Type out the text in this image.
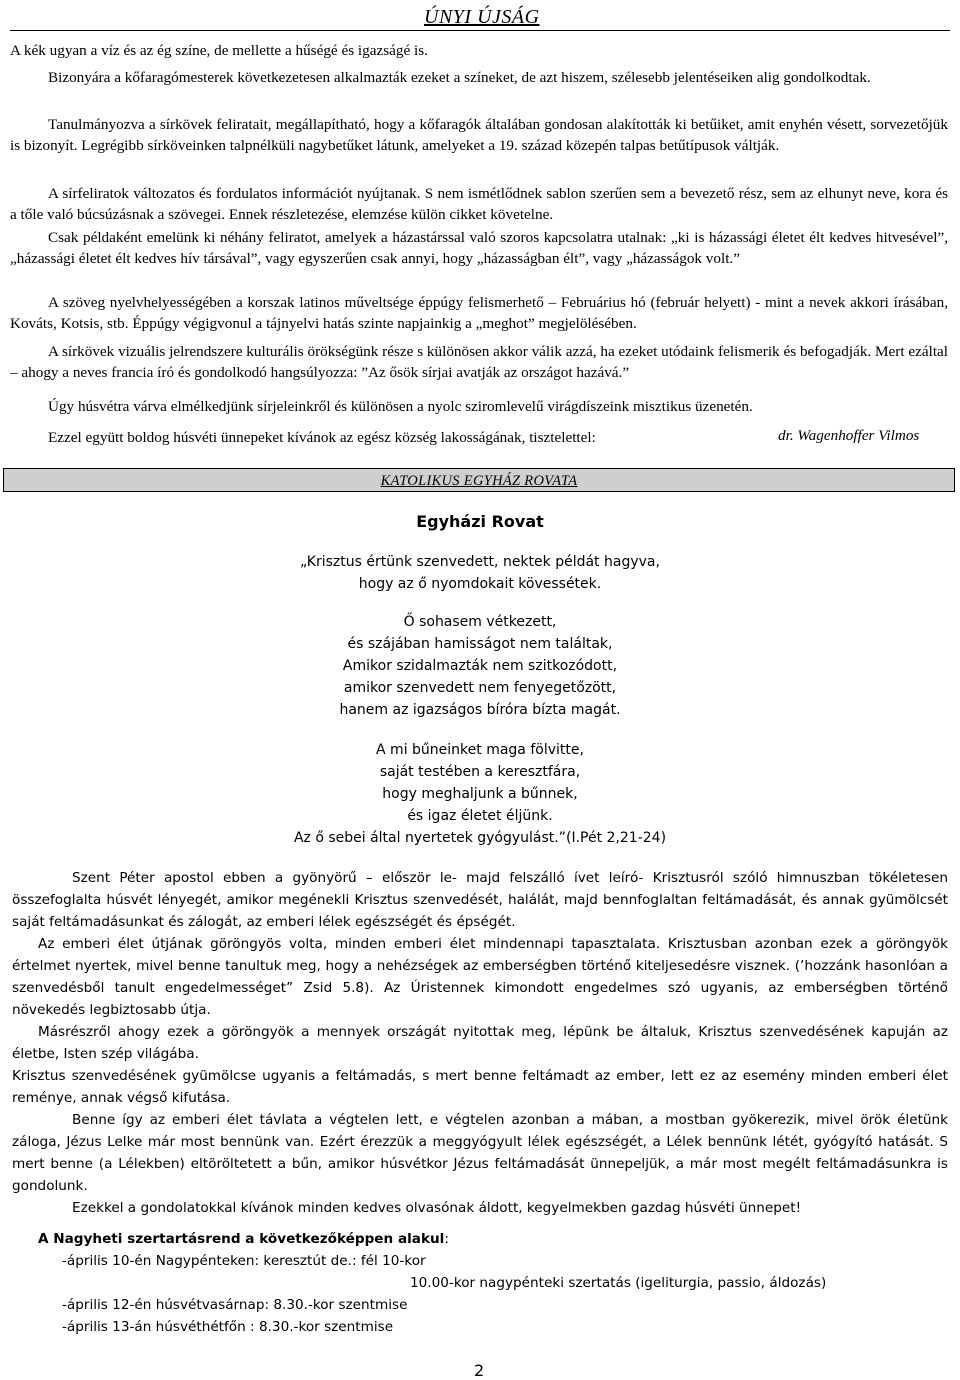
ÚNYI ÚJSÁG

A kék ugyan a víz és az ég színe, de mellette a hűségé és igazságé is.

Bizonyára a kőfaragómesterek következetesen alkalmazták ezeket a színeket, de azt hiszem, szélesebb jelentéseiken alig gondolkodtak.

Tanulmányozva a sírkövek feliratait, megállapítható, hogy a kőfaragók általában gondosan alakították ki betűiket, amit enyhén vésett, sorvezetőjük is bizonyít. Legrégibb sírköveinken talpnélküli nagybetűket látunk, amelyeket a 19. század közepén talpas betűtípusok váltják.

A sírfeliratok változatos és fordulatos információt nyújtanak. S nem ismétlődnek sablon szerűen sem a bevezető rész, sem az elhunyt neve, kora és a tőle való búcsúzásnak a szövegei. Ennek részletezése, elemzése külön cikket követelne.

Csak példaként emelünk ki néhány feliratot, amelyek a házastárssal való szoros kapcsolatra utalnak: „ki is házassági életet élt kedves hitvesével”, „házassági életet élt kedves hív társával”, vagy egyszerűen csak annyi, hogy „házasságban élt”, vagy „házasságok volt.”

A szöveg nyelvhelyességében a korszak latinos műveltsége éppúgy felismerhető – Februárius hó (február helyett) - mint a nevek akkori írásában, Kováts, Kotsis, stb. Éppúgy végigvonul a tájnyelvi hatás szinte napjainkig a „meghot” megjelölésében.

A sírkövek vizuális jelrendszere kulturális örökségünk része s különösen akkor válik azzá, ha ezeket utódaink felismerik és befogadják. Mert ezáltal – ahogy a neves francia író és gondolkodó hangsúlyozza: ”Az ősök sírjai avatják az országot hazává.”

Úgy húsvétra várva elmélkedjünk sírjeleinkről és különösen a nyolc sziromlevelű virágdíszeink misztikus üzenetén.

Ezzel együtt boldog húsvéti ünnepeket kívánok az egész község lakosságának, tisztelettel:	dr. Wagenhoffer Vilmos
KATOLIKUS EGYHÁZ ROVATA
Egyházi Rovat
„Krisztus értünk szenvedett, nektek példát hagyva,
hogy az ő nyomdokait kövessétek.
Ő sohasem vétkezett,
és szájában hamisságot nem találtak,
Amikor szidalmazták nem szitkozódott,
amikor szenvedett nem fenyegetőzött,
hanem az igazságos bíróra bízta magát.
A mi bűneinket maga fölvitte,
saját testében a keresztfára,
hogy meghaljunk a bűnnek,
és igaz életet éljünk.
Az ő sebei által nyertetek gyógyulást.”(I.Pét 2,21-24)

Szent Péter apostol ebben a gyönyörű – először le- majd felszálló ívet leíró- Krisztusról szóló himnuszban tökéletesen összefoglalta húsvét lényegét, amikor megénekli Krisztus szenvedését, halálát, majd bennfoglaltan feltámadását, és annak gyümölcsét saját feltámadásunkat és zálogát, az emberi lélek egészségét és épségét.

Az emberi élet útjának göröngyös volta, minden emberi élet mindennapi tapasztalata. Krisztusban azonban ezek a göröngyök értelmet nyertek, mivel benne tanultuk meg, hogy a nehézségek az emberségben történő kiteljesedésre visznek. (’hozzánk hasonlóan a szenvedésből tanult engedelmességet” Zsid 5.8). Az Úristennek kimondott engedelmes szó ugyanis, az emberségben történő növekedés legbiztosabb útja.

Másrészről ahogy ezek a göröngyök a mennyek országát nyitottak meg, lépünk be általuk, Krisztus szenvedésének kapuján az életbe, Isten szép világába.

Krisztus szenvedésének gyümölcse ugyanis a feltámadás, s mert benne feltámadt az ember, lett ez az esemény minden emberi élet reménye, annak végső kifutása.

Benne így az emberi élet távlata a végtelen lett, e végtelen azonban a mában, a mostban gyökerezik, mivel örök életünk záloga, Jézus Lelke már most bennünk van. Ezért érezzük a meggyógyult lélek egészségét, a Lélek bennünk létét, gyógyító hatását. S mert benne (a Lélekben) eltöröltetett a bűn, amikor húsvétkor Jézus feltámadását ünnepeljük, a már most megélt feltámadásunkra is gondolunk.

Ezekkel a gondolatokkal kívánok minden kedves olvasónak áldott, kegyelmekben gazdag húsvéti ünnepet!

A Nagyheti szertartásrend a következőképpen alakul:
-április 10-én Nagypénteken: keresztút de.: fél 10-kor
10.00-kor nagypénteki szertatás (igeliturgia, passio, áldozás)
-április 12-én húsvétvasárnap: 8.30.-kor szentmise
-április 13-án húsvéthétfőn : 8.30.-kor szentmise
2
